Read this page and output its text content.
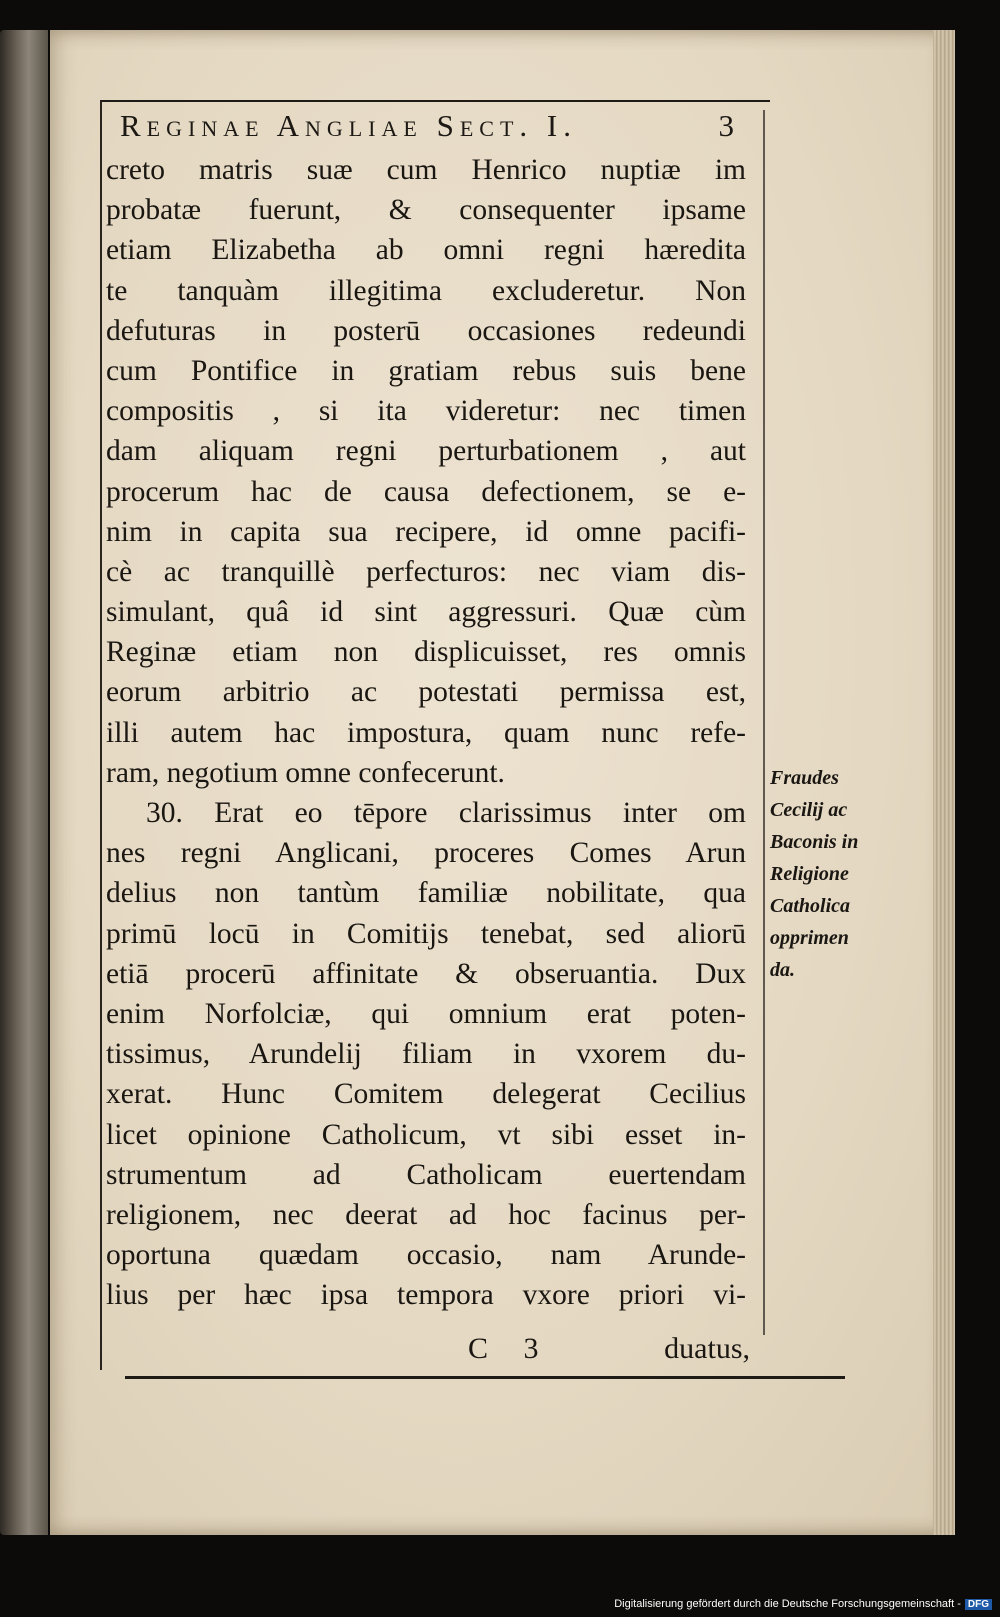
Reginae Angliae Sect. I.	3
creto matris suæ cum Henrico nuptiæ im
probatæ fuerunt, & consequenter ipsame
etiam Elizabetha ab omni regni hæredita
te tanquàm illegitima excluderetur. Non
defuturas in posterū occasiones redeundi
cum Pontifice in gratiam rebus suis bene
compositis , si ita videretur: nec timen
dam aliquam regni perturbationem , aut
procerum hac de causa defectionem, se e-
nim in capita sua recipere, id omne pacifi-
cè ac tranquillè perfecturos: nec viam dis-
simulant, quâ id sint aggressuri. Quæ cùm
Reginæ etiam non displicuisset, res omnis
eorum arbitrio ac potestati permissa est,
illi autem hac impostura, quam nunc refe-
ram, negotium omne confecerunt.
30. Erat eo tēpore clarissimus inter om
nes regni Anglicani, proceres Comes Arun
delius non tantùm familiæ nobilitate, qua
primū locū in Comitijs tenebat, sed aliorū
etiā procerū affinitate & obseruantia. Dux
enim Norfolciæ, qui omnium erat poten-
tissimus, Arundelij filiam in vxorem du-
xerat. Hunc Comitem delegerat Cecilius
licet opinione Catholicum, vt sibi esset in-
strumentum ad Catholicam euertendam
religionem, nec deerat ad hoc facinus per-
oportuna quædam occasio, nam Arunde-
lius per hæc ipsa tempora vxore priori vi-
Fraudes
Cecilij ac
Baconis in
Religione
Catholica
opprimen
da.
C 3	duatus,
Digitalisierung gefördert durch die Deutsche Forschungsgemeinschaft - DFG
